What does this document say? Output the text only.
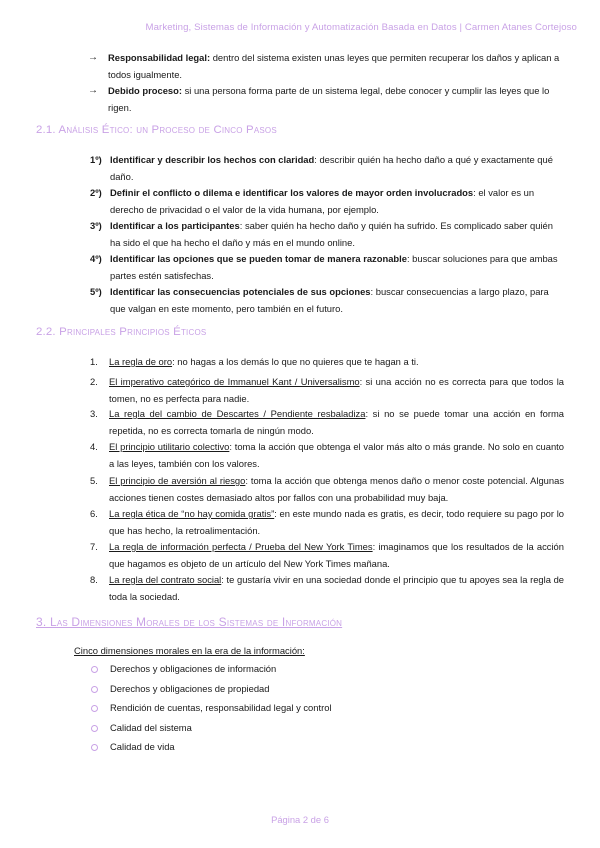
Marketing, Sistemas de Información y Automatización Basada en Datos | Carmen Atanes Cortejoso
→ Responsabilidad legal: dentro del sistema existen unas leyes que permiten recuperar los daños y aplican a todos igualmente.
→ Debido proceso: si una persona forma parte de un sistema legal, debe conocer y cumplir las leyes que lo rigen.
2.1. Análisis Ético: un Proceso de Cinco Pasos
1º) Identificar y describir los hechos con claridad: describir quién ha hecho daño a qué y exactamente qué daño.
2º) Definir el conflicto o dilema e identificar los valores de mayor orden involucrados: el valor es un derecho de privacidad o el valor de la vida humana, por ejemplo.
3º) Identificar a los participantes: saber quién ha hecho daño y quién ha sufrido. Es complicado saber quién ha sido el que ha hecho el daño y más en el mundo online.
4º) Identificar las opciones que se pueden tomar de manera razonable: buscar soluciones para que ambas partes estén satisfechas.
5º) Identificar las consecuencias potenciales de sus opciones: buscar consecuencias a largo plazo, para que valgan en este momento, pero también en el futuro.
2.2. Principales Principios Éticos
1. La regla de oro: no hagas a los demás lo que no quieres que te hagan a ti.
2. El imperativo categórico de Immanuel Kant / Universalismo: si una acción no es correcta para que todos la tomen, no es perfecta para nadie.
3. La regla del cambio de Descartes / Pendiente resbaladiza: si no se puede tomar una acción en forma repetida, no es correcta tomarla de ningún modo.
4. El principio utilitario colectivo: toma la acción que obtenga el valor más alto o más grande. No solo en cuanto a las leyes, también con los valores.
5. El principio de aversión al riesgo: toma la acción que obtenga menos daño o menor coste potencial. Algunas acciones tienen costes demasiado altos por fallos con una probabilidad muy baja.
6. La regla ética de “no hay comida gratis”: en este mundo nada es gratis, es decir, todo requiere su pago por lo que has hecho, la retroalimentación.
7. La regla de información perfecta / Prueba del New York Times: imaginamos que los resultados de la acción que hagamos es objeto de un artículo del New York Times mañana.
8. La regla del contrato social: te gustaría vivir en una sociedad donde el principio que tu apoyes sea la regla de toda la sociedad.
3. Las Dimensiones Morales de los Sistemas de Información
Cinco dimensiones morales en la era de la información:
Derechos y obligaciones de información
Derechos y obligaciones de propiedad
Rendición de cuentas, responsabilidad legal y control
Calidad del sistema
Calidad de vida
Página 2 de 6
